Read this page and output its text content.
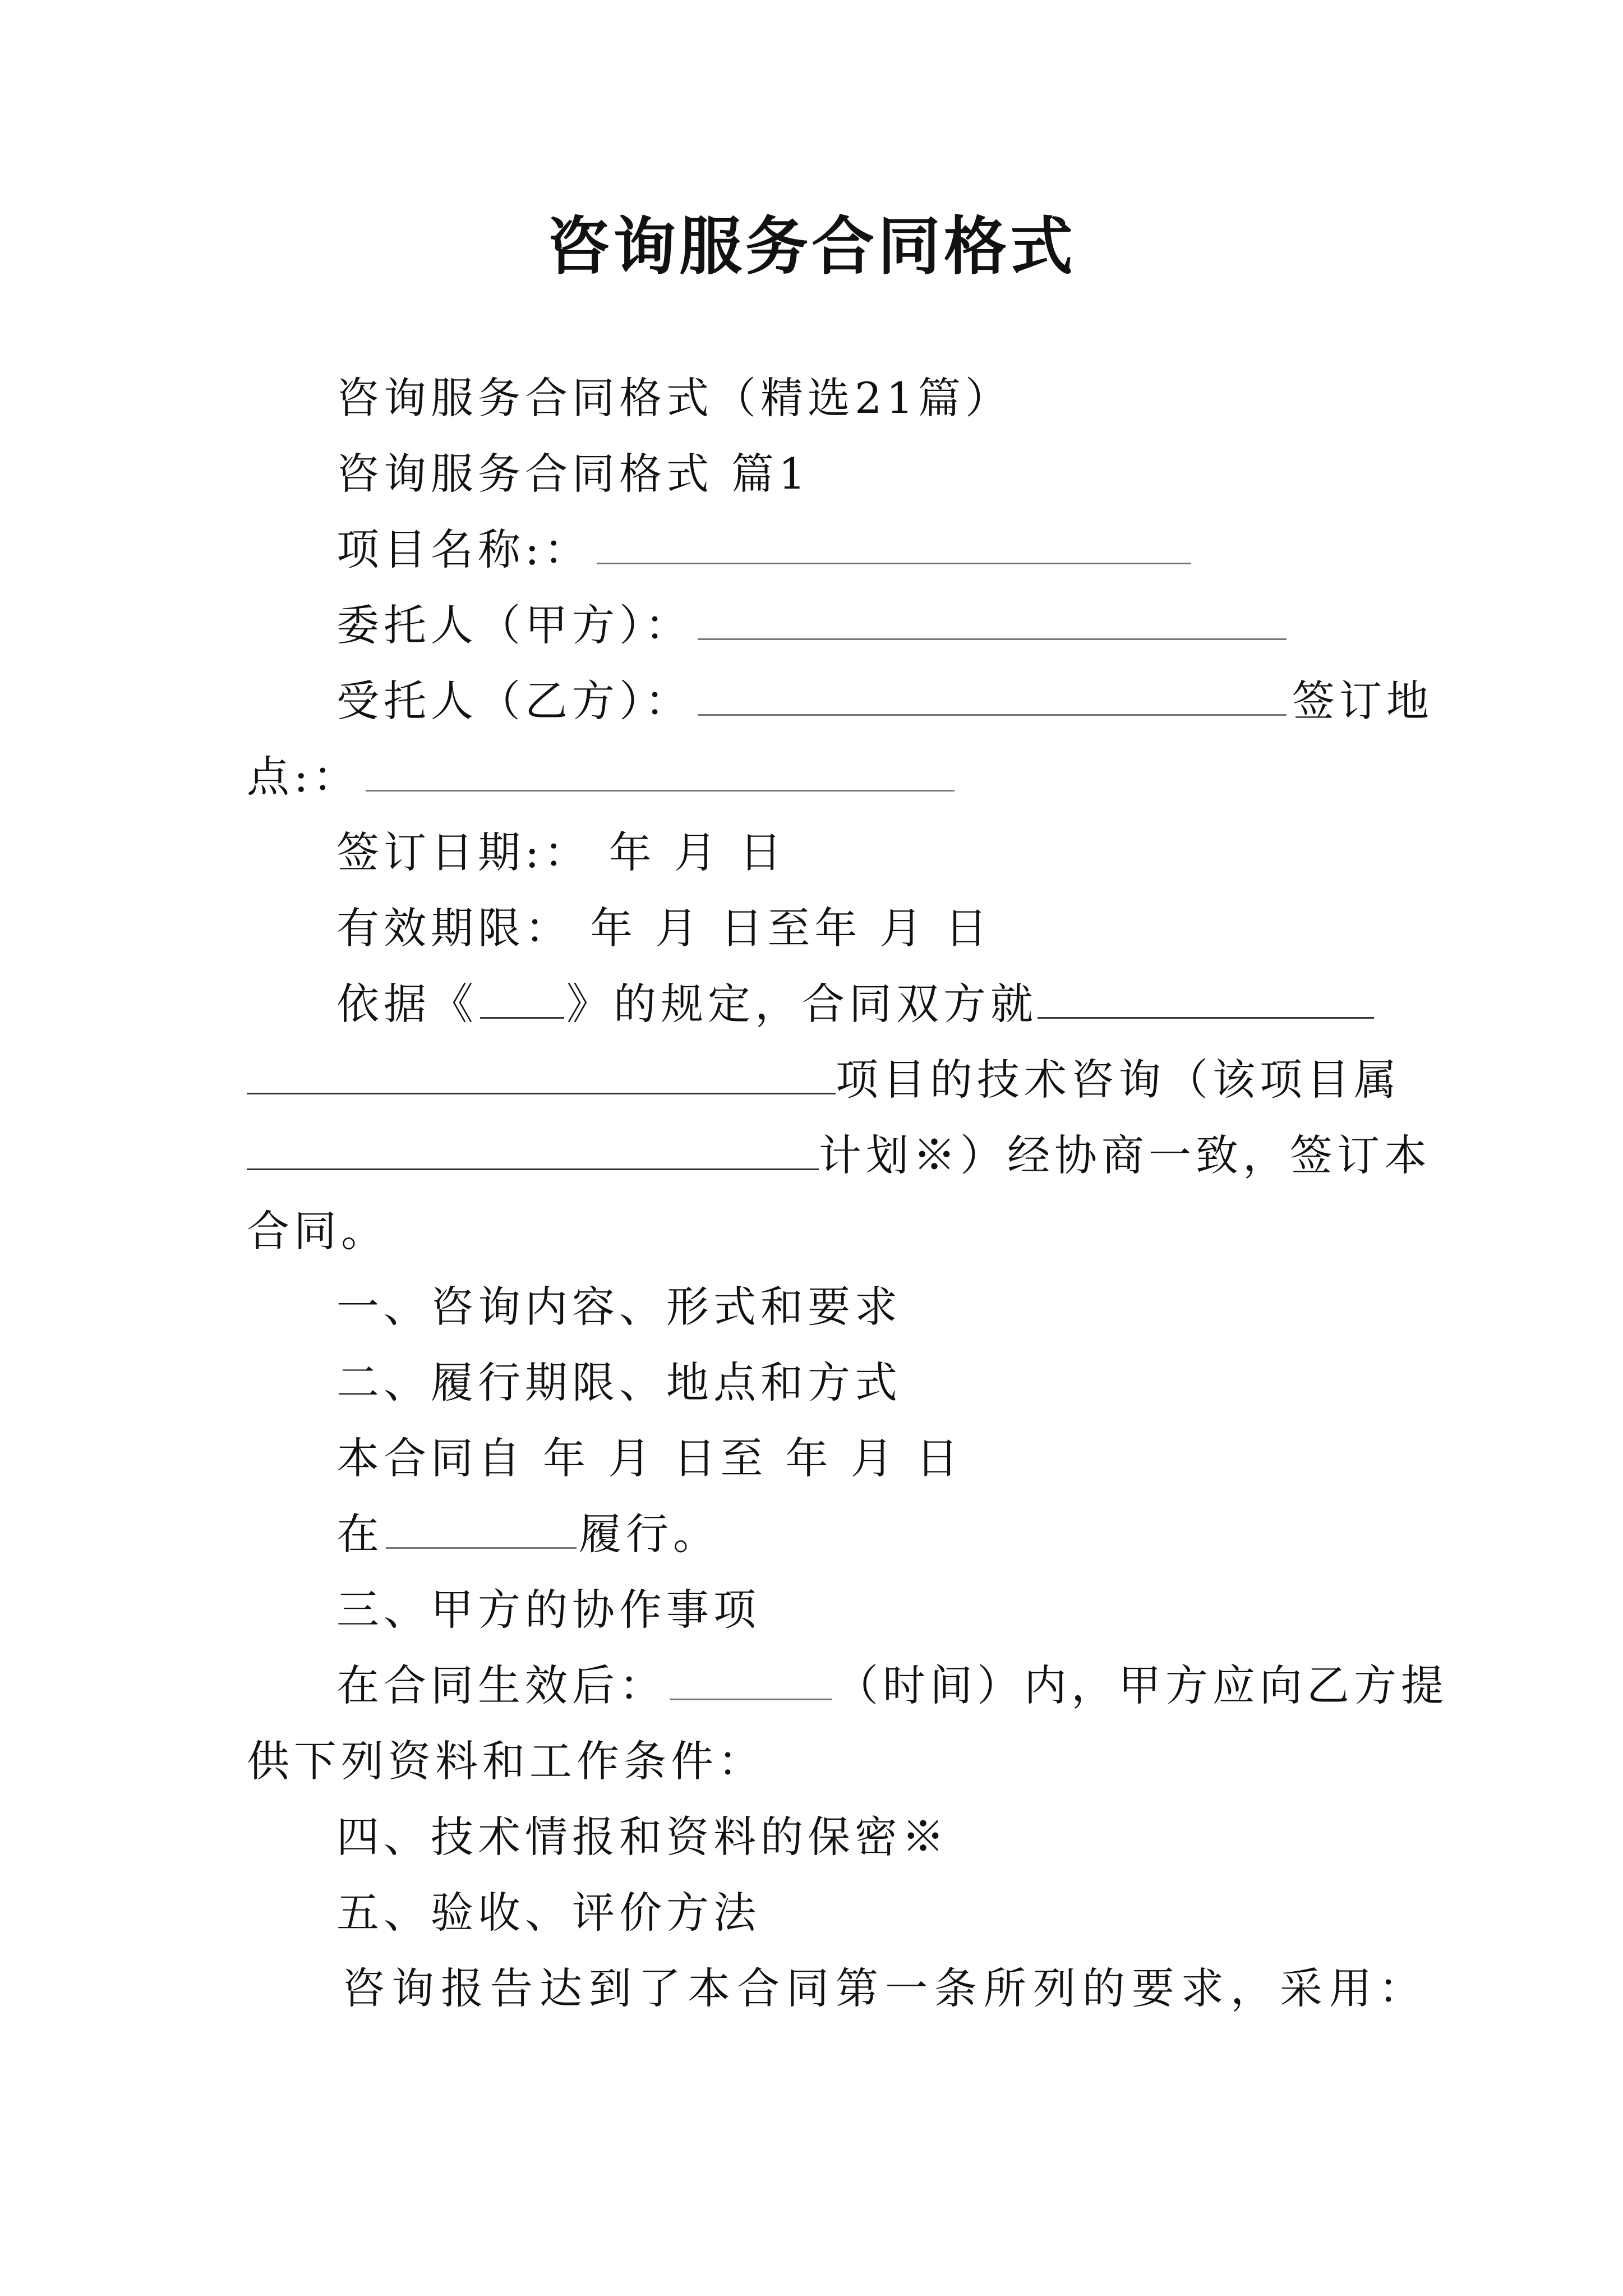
咨询服务合同格式
咨询服务合同格式（精选21篇）
咨询服务合同格式 篇1
项目名称:：
委托人（甲方）：
受托人（乙方）：	签订地
点:：
签订日期:： 年 月 日
有效期限： 年 月 日至年 月 日
依据《 》的规定，合同双方就
项目的技术咨询（该项目属
计划※）经协商一致，签订本
合同。
一、咨询内容、形式和要求
二、履行期限、地点和方式
本合同自 年 月 日至 年 月 日
在	履行。
三、甲方的协作事项
在合同生效后：	（时间）内，甲方应向乙方提
供下列资料和工作条件：
四、技术情报和资料的保密※
五、验收、评价方法
咨询报告达到了本合同第一条所列的要求，采用：
